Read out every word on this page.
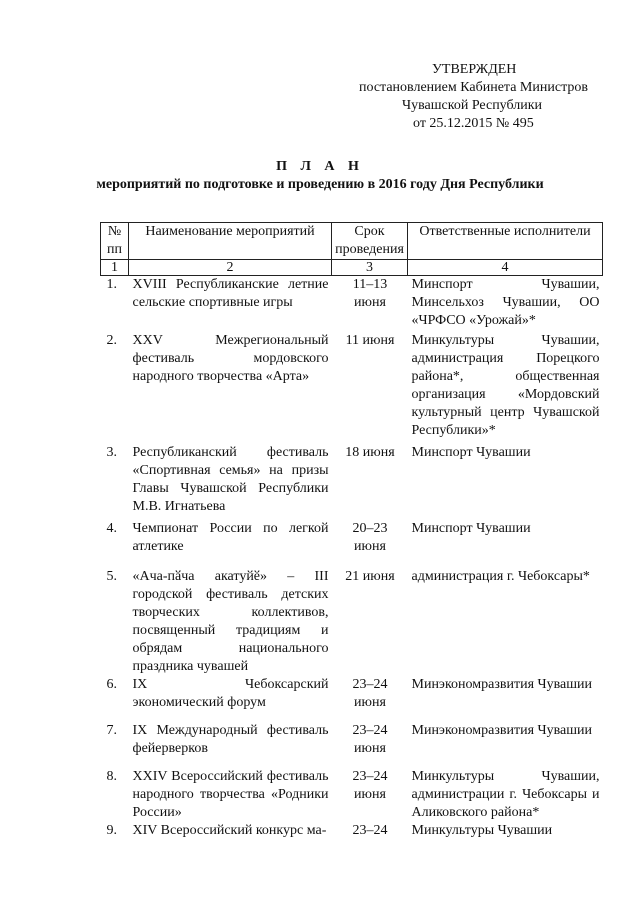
УТВЕРЖДЕН
постановлением Кабинета Министров
Чувашской Республики
от 25.12.2015 № 495
П Л А Н
мероприятий по подготовке и проведению в 2016 году Дня Республики
№ пп	Наименование мероприятий	Срок проведения	Ответственные исполнители
1	2	3	4
1.	XVIII Республиканские летние сельские спортивные игры	11–13 июня	Минспорт Чувашии, Минсельхоз Чувашии, ОО «ЧРФСО «Урожай»*
2.	XXV Межрегиональный фестиваль мордовского народного творчества «Арта»	11 июня	Минкультуры Чувашии, администрация Порецкого района*, общественная организация «Мордовский культурный центр Чувашской Республики»*
3.	Республиканский фестиваль «Спортивная семья» на призы Главы Чувашской Республики М.В. Игнатьева	18 июня	Минспорт Чувашии
4.	Чемпионат России по легкой атлетике	20–23 июня	Минспорт Чувашии
5.	«Ача-пӑча акатуйӗ» – III городской фестиваль детских творческих коллективов, посвященный традициям и обрядам национального праздника чувашей	21 июня	администрация г. Чебоксары*
6.	IX Чебоксарский экономический форум	23–24 июня	Минэкономразвития Чувашии
7.	IX Международный фестиваль фейерверков	23–24 июня	Минэкономразвития Чувашии
8.	XXIV Всероссийский фестиваль народного творчества «Родники России»	23–24 июня	Минкультуры Чувашии, администрации г. Чебоксары и Аликовского района*
9.	XIV Всероссийский конкурс ма-	23–24	Минкультуры Чувашии
